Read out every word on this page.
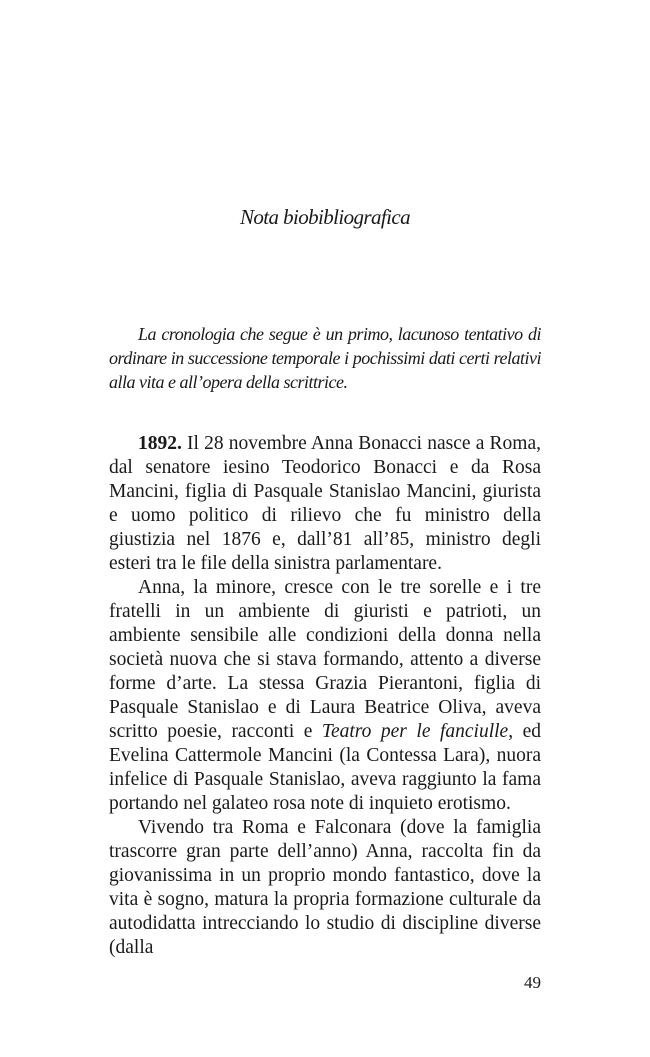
Nota biobibliografica

La cronologia che segue è un primo, lacunoso tentativo di ordinare in successione temporale i pochissimi dati certi relativi alla vita e all’opera della scrittrice.

1892. Il 28 novembre Anna Bonacci nasce a Roma, dal senatore iesino Teodorico Bonacci e da Rosa Mancini, figlia di Pasquale Stanislao Mancini, giurista e uomo politico di rilievo che fu ministro della giustizia nel 1876 e, dall’81 all’85, ministro degli esteri tra le file della sinistra parlamentare.

Anna, la minore, cresce con le tre sorelle e i tre fratelli in un ambiente di giuristi e patrioti, un ambiente sensibile alle condizioni della donna nella società nuova che si stava formando, attento a diverse forme d’arte. La stessa Grazia Pierantoni, figlia di Pasquale Stanislao e di Laura Beatrice Oliva, aveva scritto poesie, racconti e Teatro per le fanciulle, ed Evelina Cattermole Mancini (la Contessa Lara), nuora infelice di Pasquale Stanislao, aveva raggiunto la fama portando nel galateo rosa note di inquieto erotismo.

Vivendo tra Roma e Falconara (dove la famiglia trascorre gran parte dell’anno) Anna, raccolta fin da giovanissima in un proprio mondo fantastico, dove la vita è sogno, matura la propria formazione culturale da autodidatta intrecciando lo studio di discipline diverse (dalla

49
